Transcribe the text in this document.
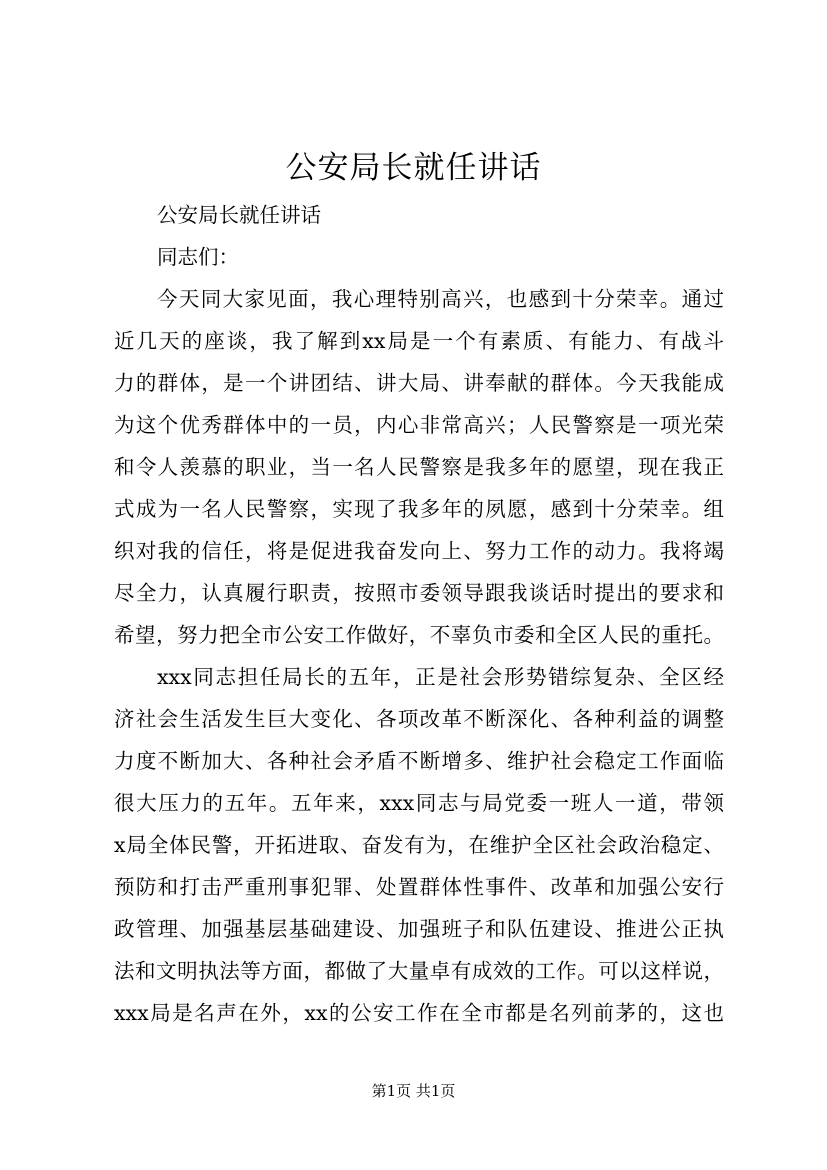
公安局长就任讲话
公安局长就任讲话
同志们：
今天同大家见面，我心理特别高兴，也感到十分荣幸。通过
近几天的座谈，我了解到xx局是一个有素质、有能力、有战斗
力的群体，是一个讲团结、讲大局、讲奉献的群体。今天我能成
为这个优秀群体中的一员，内心非常高兴；人民警察是一项光荣
和令人羡慕的职业，当一名人民警察是我多年的愿望，现在我正
式成为一名人民警察，实现了我多年的夙愿，感到十分荣幸。组
织对我的信任，将是促进我奋发向上、努力工作的动力。我将竭
尽全力，认真履行职责，按照市委领导跟我谈话时提出的要求和
希望，努力把全市公安工作做好，不辜负市委和全区人民的重托。
xxx同志担任局长的五年，正是社会形势错综复杂、全区经
济社会生活发生巨大变化、各项改革不断深化、各种利益的调整
力度不断加大、各种社会矛盾不断增多、维护社会稳定工作面临
很大压力的五年。五年来，xxx同志与局党委一班人一道，带领
x局全体民警，开拓进取、奋发有为，在维护全区社会政治稳定、
预防和打击严重刑事犯罪、处置群体性事件、改革和加强公安行
政管理、加强基层基础建设、加强班子和队伍建设、推进公正执
法和文明执法等方面，都做了大量卓有成效的工作。可以这样说，
xxx局是名声在外，xx的公安工作在全市都是名列前茅的，这也
第1页 共1页
